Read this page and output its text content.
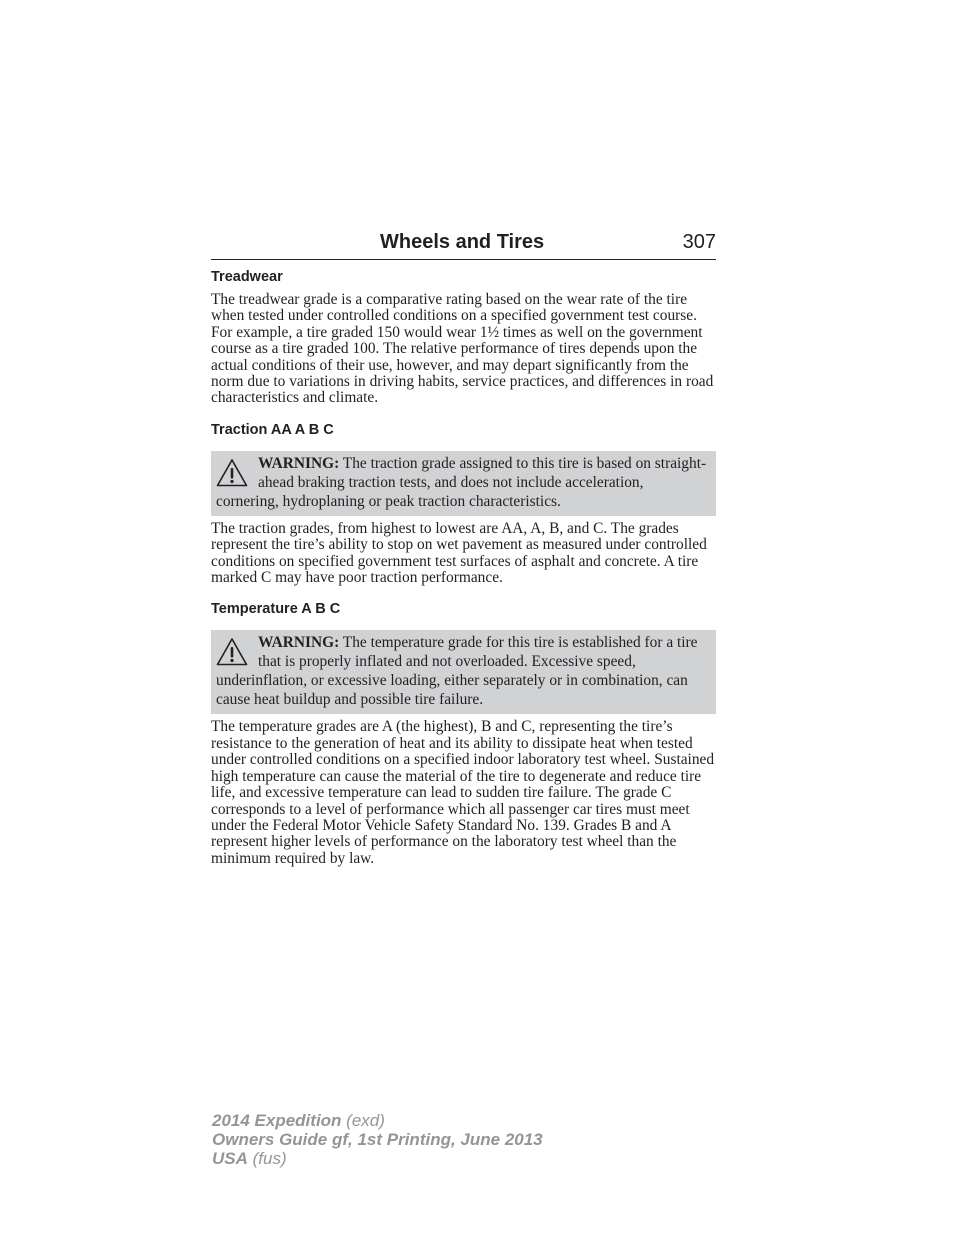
Wheels and Tires	307
Treadwear

The treadwear grade is a comparative rating based on the wear rate of the tire when tested under controlled conditions on a specified government test course. For example, a tire graded 150 would wear 1½ times as well on the government course as a tire graded 100. The relative performance of tires depends upon the actual conditions of their use, however, and may depart significantly from the norm due to variations in driving habits, service practices, and differences in road characteristics and climate.

Traction AA A B C
WARNING: The traction grade assigned to this tire is based on straight-ahead braking traction tests, and does not include acceleration, cornering, hydroplaning or peak traction characteristics.

The traction grades, from highest to lowest are AA, A, B, and C. The grades represent the tire’s ability to stop on wet pavement as measured under controlled conditions on specified government test surfaces of asphalt and concrete. A tire marked C may have poor traction performance.

Temperature A B C
WARNING: The temperature grade for this tire is established for a tire that is properly inflated and not overloaded. Excessive speed, underinflation, or excessive loading, either separately or in combination, can cause heat buildup and possible tire failure.

The temperature grades are A (the highest), B and C, representing the tire’s resistance to the generation of heat and its ability to dissipate heat when tested under controlled conditions on a specified indoor laboratory test wheel. Sustained high temperature can cause the material of the tire to degenerate and reduce tire life, and excessive temperature can lead to sudden tire failure. The grade C corresponds to a level of performance which all passenger car tires must meet under the Federal Motor Vehicle Safety Standard No. 139. Grades B and A represent higher levels of performance on the laboratory test wheel than the minimum required by law.

2014 Expedition (exd)
Owners Guide gf, 1st Printing, June 2013
USA (fus)
